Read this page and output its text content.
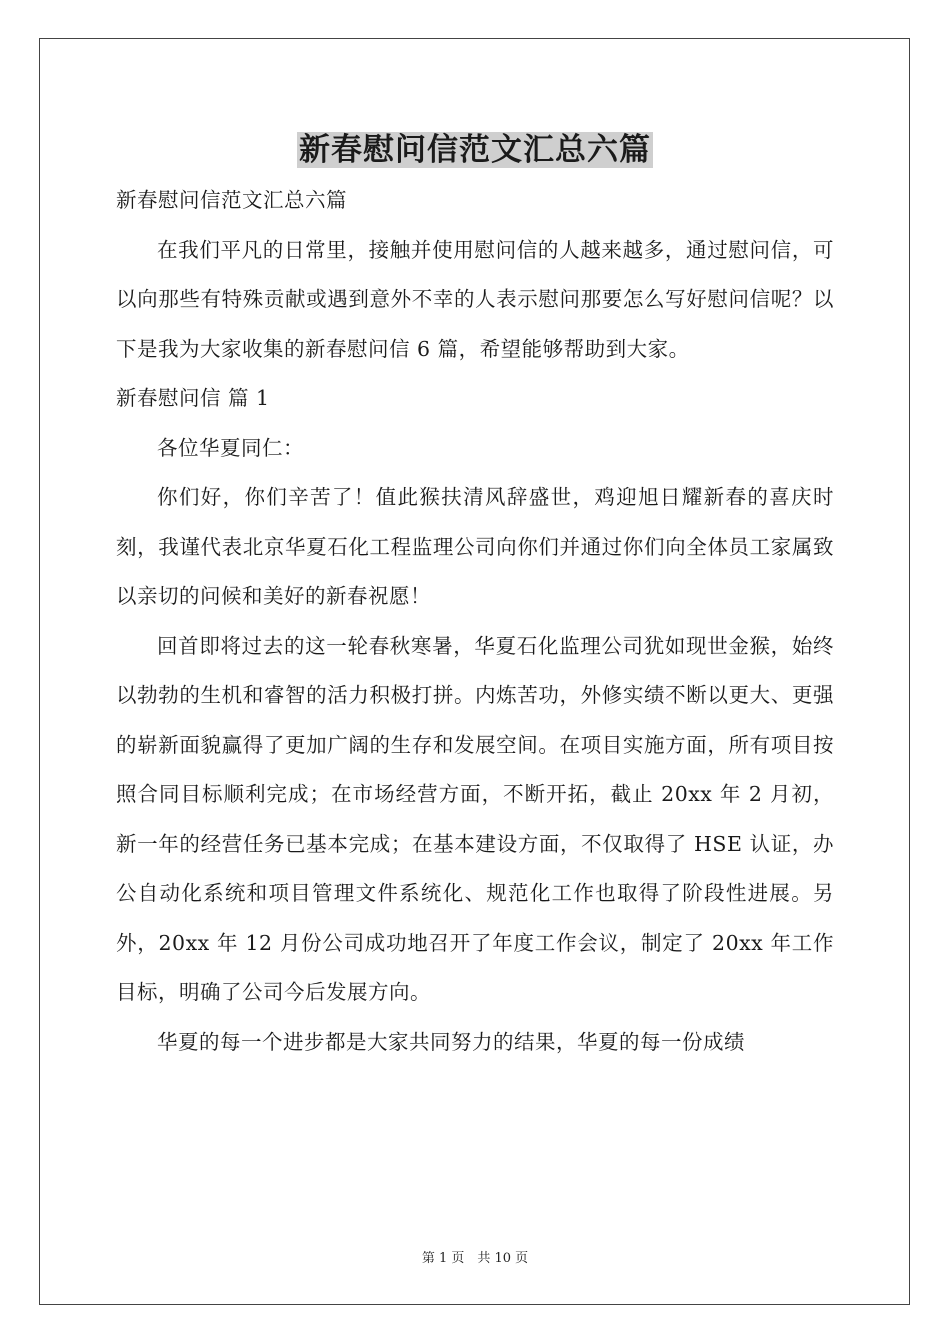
新春慰问信范文汇总六篇

新春慰问信范文汇总六篇

在我们平凡的日常里，接触并使用慰问信的人越来越多，通过慰问信，可以向那些有特殊贡献或遇到意外不幸的人表示慰问那要怎么写好慰问信呢？以下是我为大家收集的新春慰问信 6 篇，希望能够帮助到大家。

新春慰问信 篇 1

各位华夏同仁：

你们好，你们辛苦了！值此猴扶清风辞盛世，鸡迎旭日耀新春的喜庆时刻，我谨代表北京华夏石化工程监理公司向你们并通过你们向全体员工家属致以亲切的问候和美好的新春祝愿！

回首即将过去的这一轮春秋寒暑，华夏石化监理公司犹如现世金猴，始终以勃勃的生机和睿智的活力积极打拼。内炼苦功，外修实绩不断以更大、更强的崭新面貌赢得了更加广阔的生存和发展空间。在项目实施方面，所有项目按照合同目标顺利完成；在市场经营方面，不断开拓，截止 20xx 年 2 月初，新一年的经营任务已基本完成；在基本建设方面，不仅取得了 HSE 认证，办公自动化系统和项目管理文件系统化、规范化工作也取得了阶段性进展。另外，20xx 年 12 月份公司成功地召开了年度工作会议，制定了 20xx 年工作目标，明确了公司今后发展方向。

华夏的每一个进步都是大家共同努力的结果，华夏的每一份成绩

第 1 页　共 10 页
